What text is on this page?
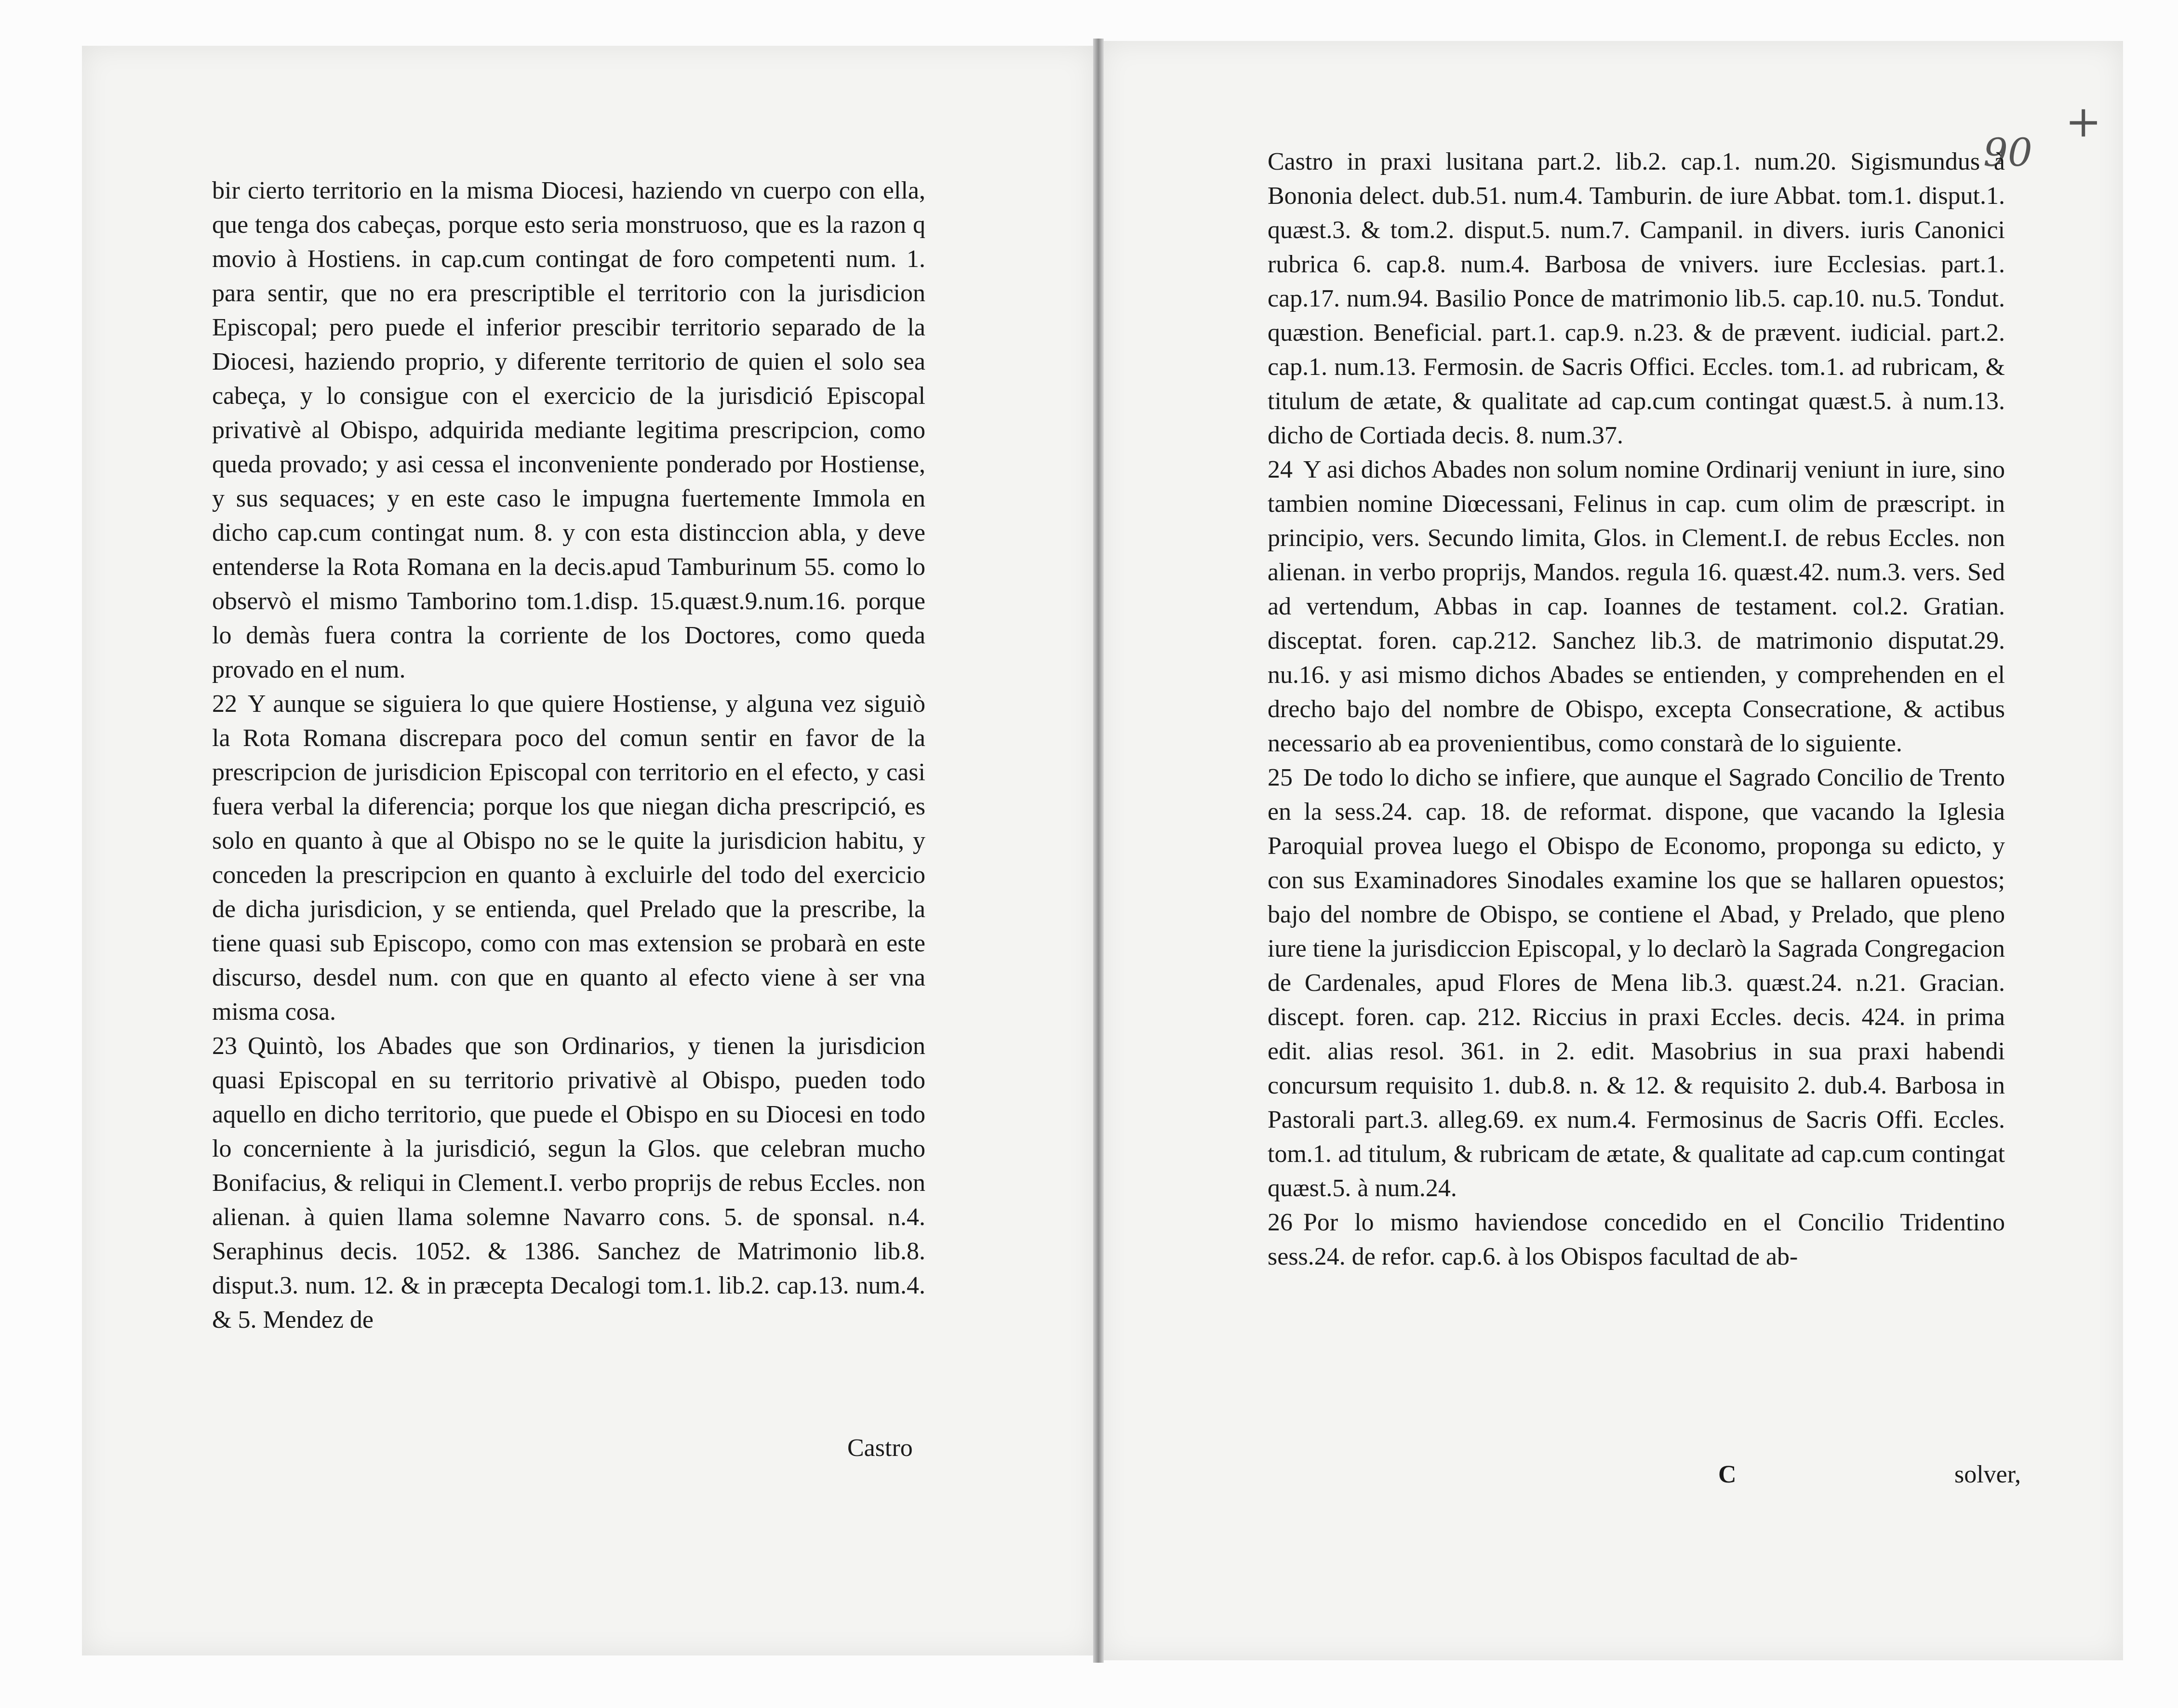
90
+

bir cierto territorio en la misma Diocesi, haziendo vn cuerpo con ella, que tenga dos cabeças, porque esto seria monstruoso, que es la razon q movio à Hostiens. in cap.cum contingat de foro competenti num. 1. para sentir, que no era prescriptible el territorio con la jurisdicion Episcopal; pero puede el inferior prescibir territorio separado de la Diocesi, haziendo proprio, y diferente territorio de quien el solo sea cabeça, y lo consigue con el exercicio de la jurisdició Episcopal privativè al Obispo, adquirida mediante legitima prescripcion, como queda provado; y asi cessa el inconveniente ponderado por Hostiense, y sus sequaces; y en este caso le impugna fuertemente Immola en dicho cap.cum contingat num. 8. y con esta distinccion abla, y deve entenderse la Rota Romana en la decis.apud Tamburinum 55. como lo observò el mismo Tamborino tom.1.disp. 15.quæst.9.num.16. porque lo demàs fuera contra la corriente de los Doctores, como queda provado en el num.

22 Y aunque se siguiera lo que quiere Hostiense, y alguna vez siguiò la Rota Romana discrepara poco del comun sentir en favor de la prescripcion de jurisdicion Episcopal con territorio en el efecto, y casi fuera verbal la diferencia; porque los que niegan dicha prescripció, es solo en quanto à que al Obispo no se le quite la jurisdicion habitu, y conceden la prescripcion en quanto à excluirle del todo del exercicio de dicha jurisdicion, y se entienda, quel Prelado que la prescribe, la tiene quasi sub Episcopo, como con mas extension se probarà en este discurso, desdel num. con que en quanto al efecto viene à ser vna misma cosa.

23 Quintò, los Abades que son Ordinarios, y tienen la jurisdicion quasi Episcopal en su territorio privativè al Obispo, pueden todo aquello en dicho territorio, que puede el Obispo en su Diocesi en todo lo concerniente à la jurisdició, segun la Glos. que celebran mucho Bonifacius, & reliqui in Clement.I. verbo proprijs de rebus Eccles. non alienan. à quien llama solemne Navarro cons. 5. de sponsal. n.4. Seraphinus decis. 1052. & 1386. Sanchez de Matrimonio lib.8. disput.3. num. 12. & in præcepta Decalogi tom.1. lib.2. cap.13. num.4. & 5. Mendez de

Castro

Castro in praxi lusitana part.2. lib.2. cap.1. num.20. Sigismundus à Bononia delect. dub.51. num.4. Tamburin. de iure Abbat. tom.1. disput.1. quæst.3. & tom.2. disput.5. num.7. Campanil. in divers. iuris Canonici rubrica 6. cap.8. num.4. Barbosa de vnivers. iure Ecclesias. part.1. cap.17. num.94. Basilio Ponce de matrimonio lib.5. cap.10. nu.5. Tondut. quæstion. Beneficial. part.1. cap.9. n.23. & de prævent. iudicial. part.2. cap.1. num.13. Fermosin. de Sacris Offici. Eccles. tom.1. ad rubricam, & titulum de ætate, & qualitate ad cap.cum contingat quæst.5. à num.13. dicho de Cortiada decis. 8. num.37.

24 Y asi dichos Abades non solum nomine Ordinarij veniunt in iure, sino tambien nomine Diœcessani, Felinus in cap. cum olim de præscript. in principio, vers. Secundo limita, Glos. in Clement.I. de rebus Eccles. non alienan. in verbo proprijs, Mandos. regula 16. quæst.42. num.3. vers. Sed ad vertendum, Abbas in cap. Ioannes de testament. col.2. Gratian. disceptat. foren. cap.212. Sanchez lib.3. de matrimonio disputat.29. nu.16. y asi mismo dichos Abades se entienden, y comprehenden en el drecho bajo del nombre de Obispo, excepta Consecratione, & actibus necessario ab ea provenientibus, como constarà de lo siguiente.

25 De todo lo dicho se infiere, que aunque el Sagrado Concilio de Trento en la sess.24. cap. 18. de reformat. dispone, que vacando la Iglesia Paroquial provea luego el Obispo de Economo, proponga su edicto, y con sus Examinadores Sinodales examine los que se hallaren opuestos; bajo del nombre de Obispo, se contiene el Abad, y Prelado, que pleno iure tiene la jurisdiccion Episcopal, y lo declarò la Sagrada Congregacion de Cardenales, apud Flores de Mena lib.3. quæst.24. n.21. Gracian. discept. foren. cap. 212. Riccius in praxi Eccles. decis. 424. in prima edit. alias resol. 361. in 2. edit. Masobrius in sua praxi habendi concursum requisito 1. dub.8. n. & 12. & requisito 2. dub.4. Barbosa in Pastorali part.3. alleg.69. ex num.4. Fermosinus de Sacris Offi. Eccles. tom.1. ad titulum, & rubricam de ætate, & qualitate ad cap.cum contingat quæst.5. à num.24.

26 Por lo mismo haviendose concedido en el Concilio Tridentino sess.24. de refor. cap.6. à los Obispos facultad de ab-

C	solver,
